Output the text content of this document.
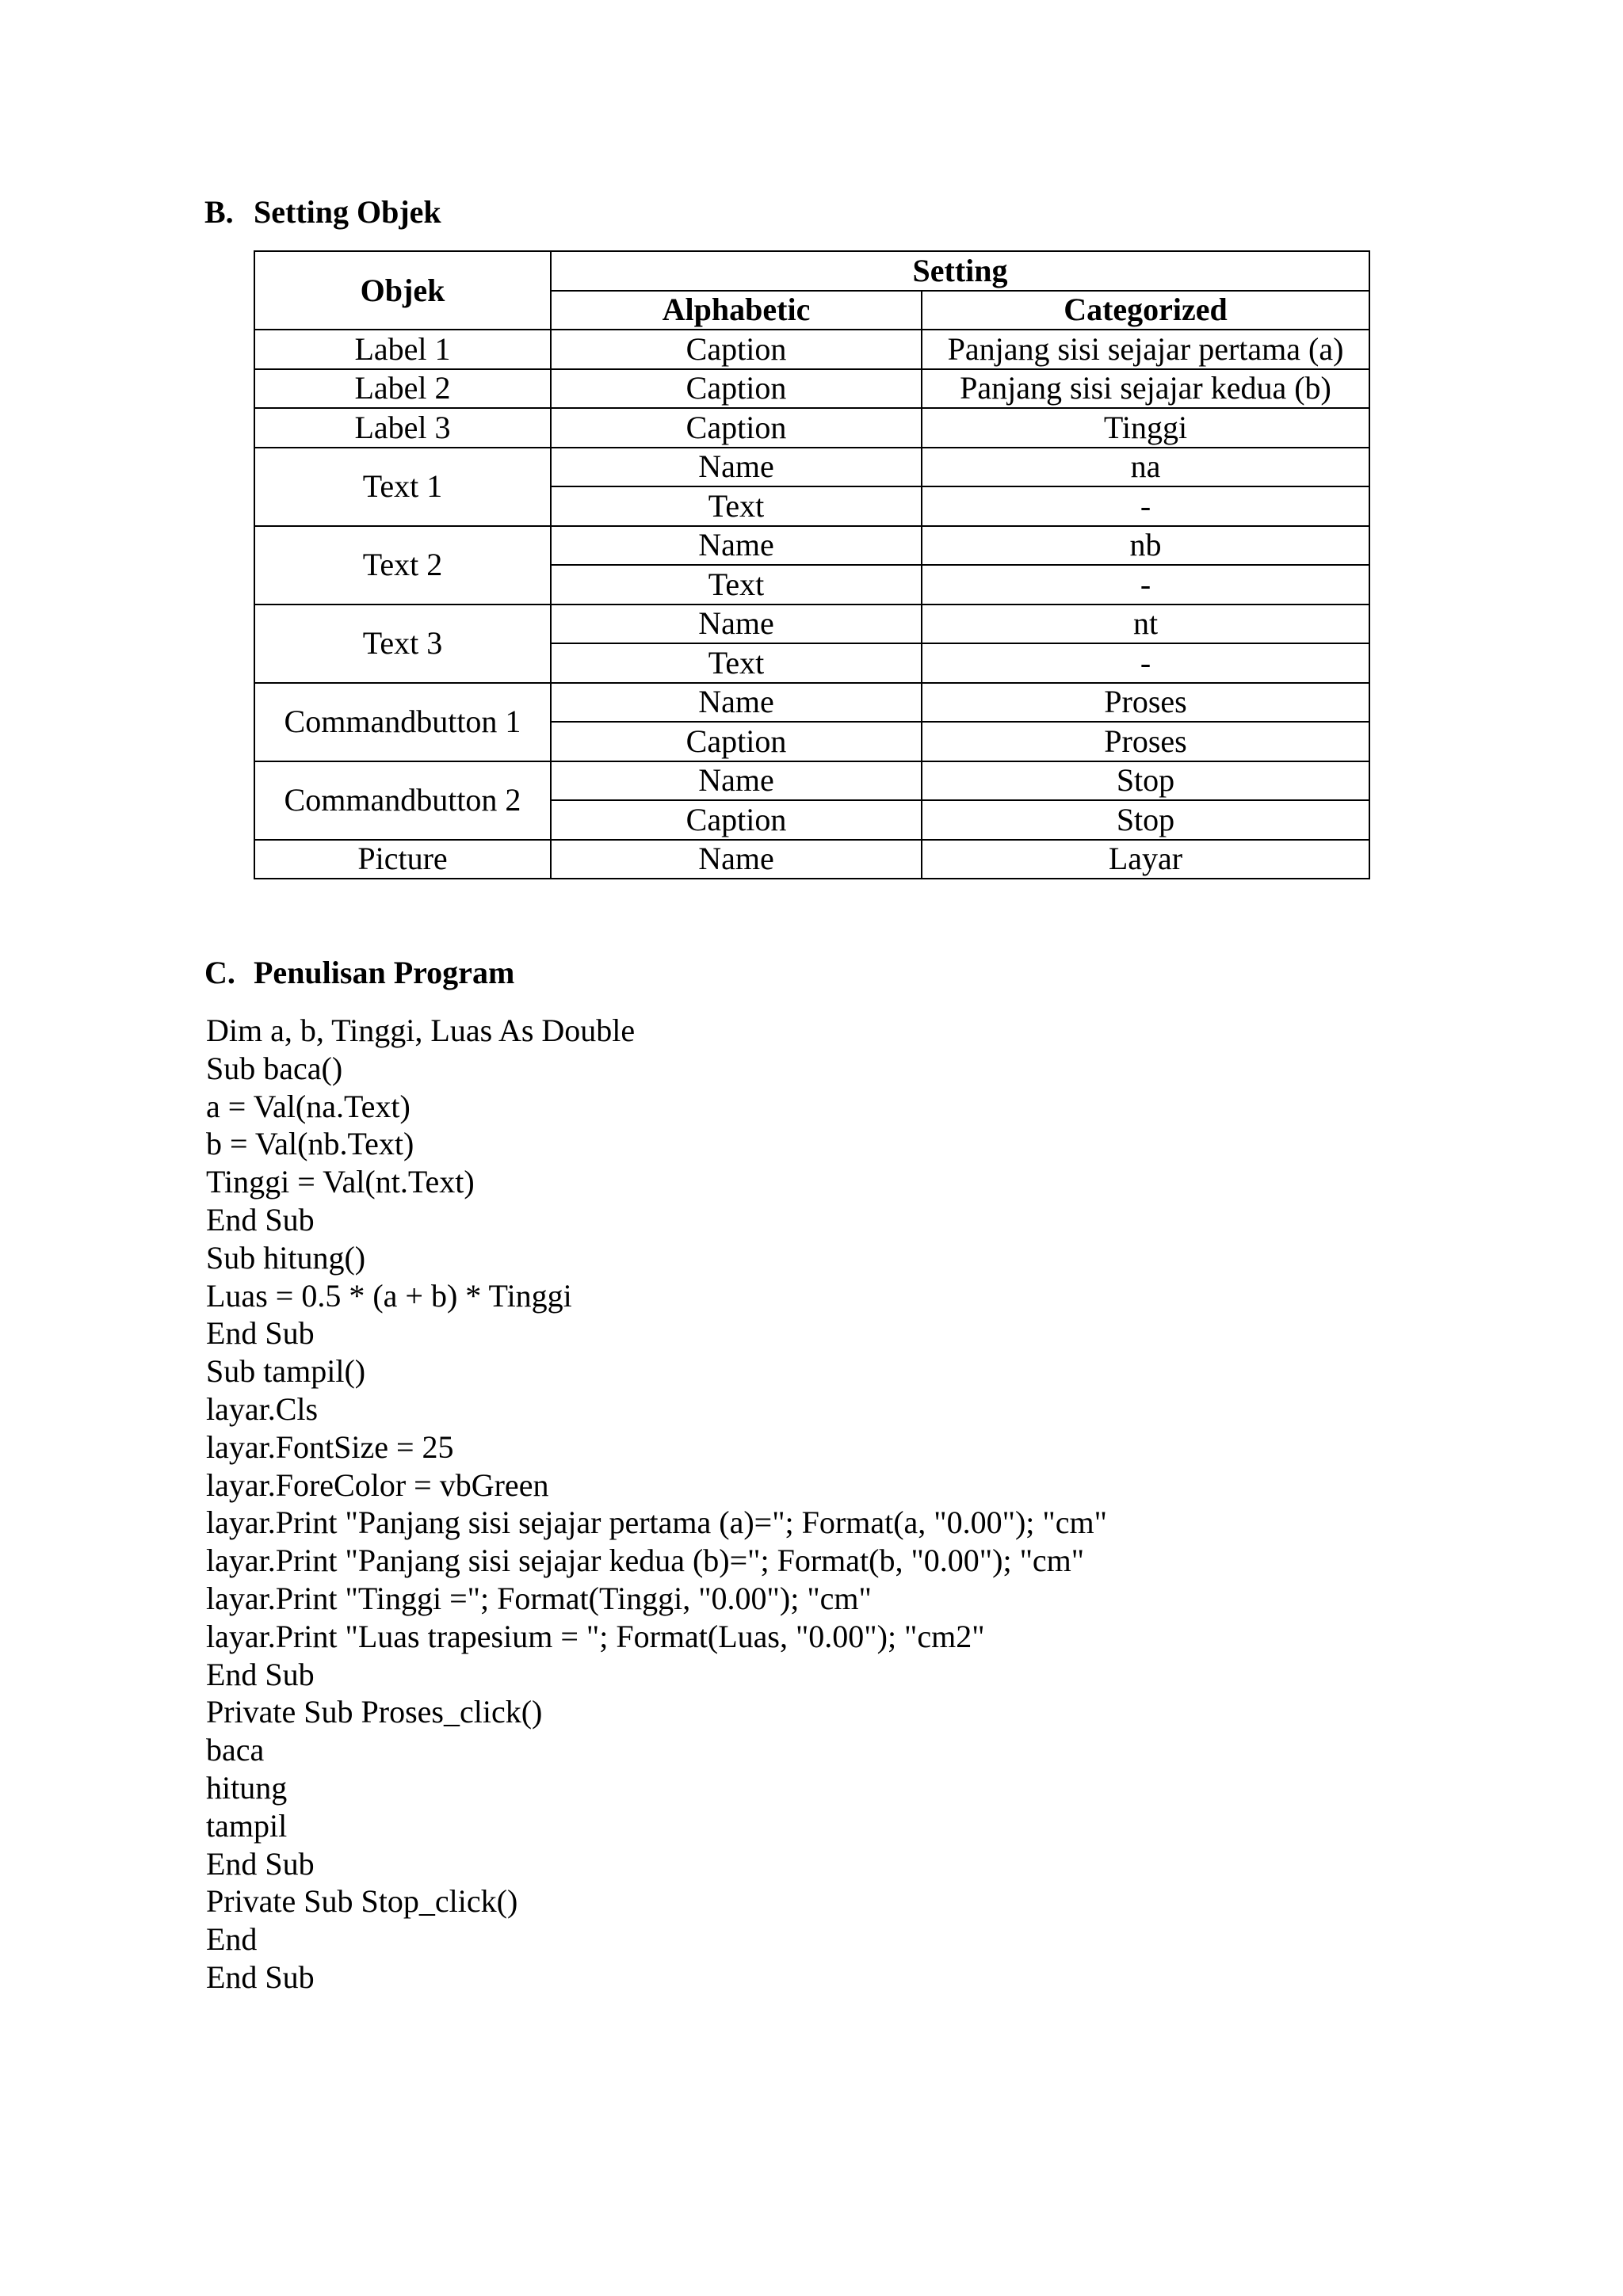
B. Setting Objek
Objek	Setting	
	Alphabetic	Categorized
Label 1	Caption	Panjang sisi sejajar pertama (a)
Label 2	Caption	Panjang sisi sejajar kedua (b)
Label 3	Caption	Tinggi
Text 1	Name	na
	Text	-
Text 2	Name	nb
	Text	-
Text 3	Name	nt
	Text	-
Commandbutton 1	Name	Proses
	Caption	Proses
Commandbutton 2	Name	Stop
	Caption	Stop
Picture	Name	Layar
C. Penulisan Program
Dim a, b, Tinggi, Luas As Double
Sub baca()
a = Val(na.Text)
b = Val(nb.Text)
Tinggi = Val(nt.Text)
End Sub
Sub hitung()
Luas = 0.5 * (a + b) * Tinggi
End Sub
Sub tampil()
layar.Cls
layar.FontSize = 25
layar.ForeColor = vbGreen
layar.Print "Panjang sisi sejajar pertama (a)="; Format(a, "0.00"); "cm"
layar.Print "Panjang sisi sejajar kedua (b)="; Format(b, "0.00"); "cm"
layar.Print "Tinggi ="; Format(Tinggi, "0.00"); "cm"
layar.Print "Luas trapesium = "; Format(Luas, "0.00"); "cm2"
End Sub
Private Sub Proses_click()
baca
hitung
tampil
End Sub
Private Sub Stop_click()
End
End Sub
